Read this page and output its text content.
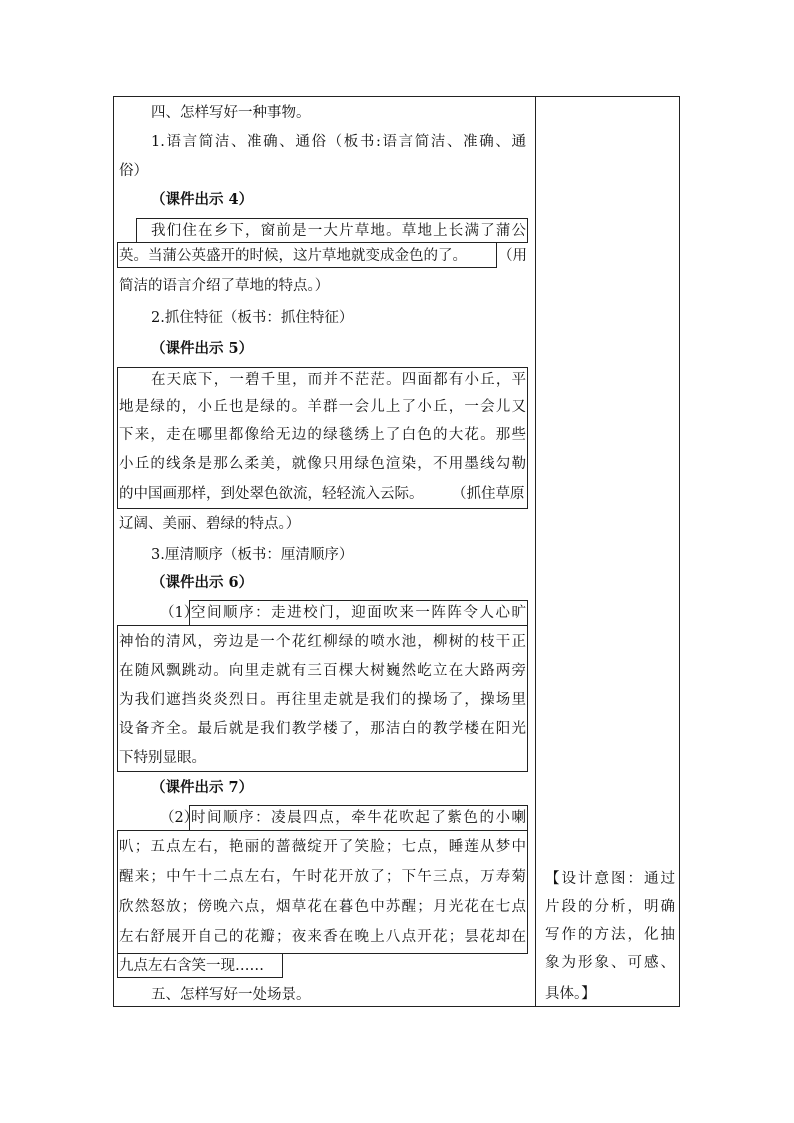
四、怎样写好一种事物。
1.语言简洁、准确、通俗（板书:语言简洁、准确、通
俗）
（课件出示 4）
我们住在乡下，窗前是一大片草地。草地上长满了蒲公
英。当蒲公英盛开的时候，这片草地就变成金色的了。 （用
简洁的语言介绍了草地的特点。）
2.抓住特征（板书：抓住特征）
（课件出示 5）
在天底下，一碧千里，而并不茫茫。四面都有小丘，平
地是绿的，小丘也是绿的。羊群一会儿上了小丘，一会儿又
下来，走在哪里都像给无边的绿毯绣上了白色的大花。那些
小丘的线条是那么柔美，就像只用绿色渲染，不用墨线勾勒
的中国画那样，到处翠色欲流，轻轻流入云际。 （抓住草原
辽阔、美丽、碧绿的特点。）
3.厘清顺序（板书：厘清顺序）
（课件出示 6）
（1）
空间顺序：走进校门，迎面吹来一阵阵令人心旷
神怡的清风，旁边是一个花红柳绿的喷水池，柳树的枝干正
在随风飘跳动。向里走就有三百棵大树巍然屹立在大路两旁
为我们遮挡炎炎烈日。再往里走就是我们的操场了，操场里
设备齐全。最后就是我们教学楼了，那洁白的教学楼在阳光
下特别显眼。
（课件出示 7）
（2）
时间顺序：凌晨四点，牵牛花吹起了紫色的小喇
叭；五点左右，艳丽的蔷薇绽开了笑脸；七点，睡莲从梦中
醒来；中午十二点左右，午时花开放了；下午三点，万寿菊
欣然怒放；傍晚六点，烟草花在暮色中苏醒；月光花在七点
左右舒展开自己的花瓣；夜来香在晚上八点开花；昙花却在
九点左右含笑一现……
五、怎样写好一处场景。
【设计意图：通过
片段的分析，明确
写作的方法，化抽
象为形象、可感、
具体。】
